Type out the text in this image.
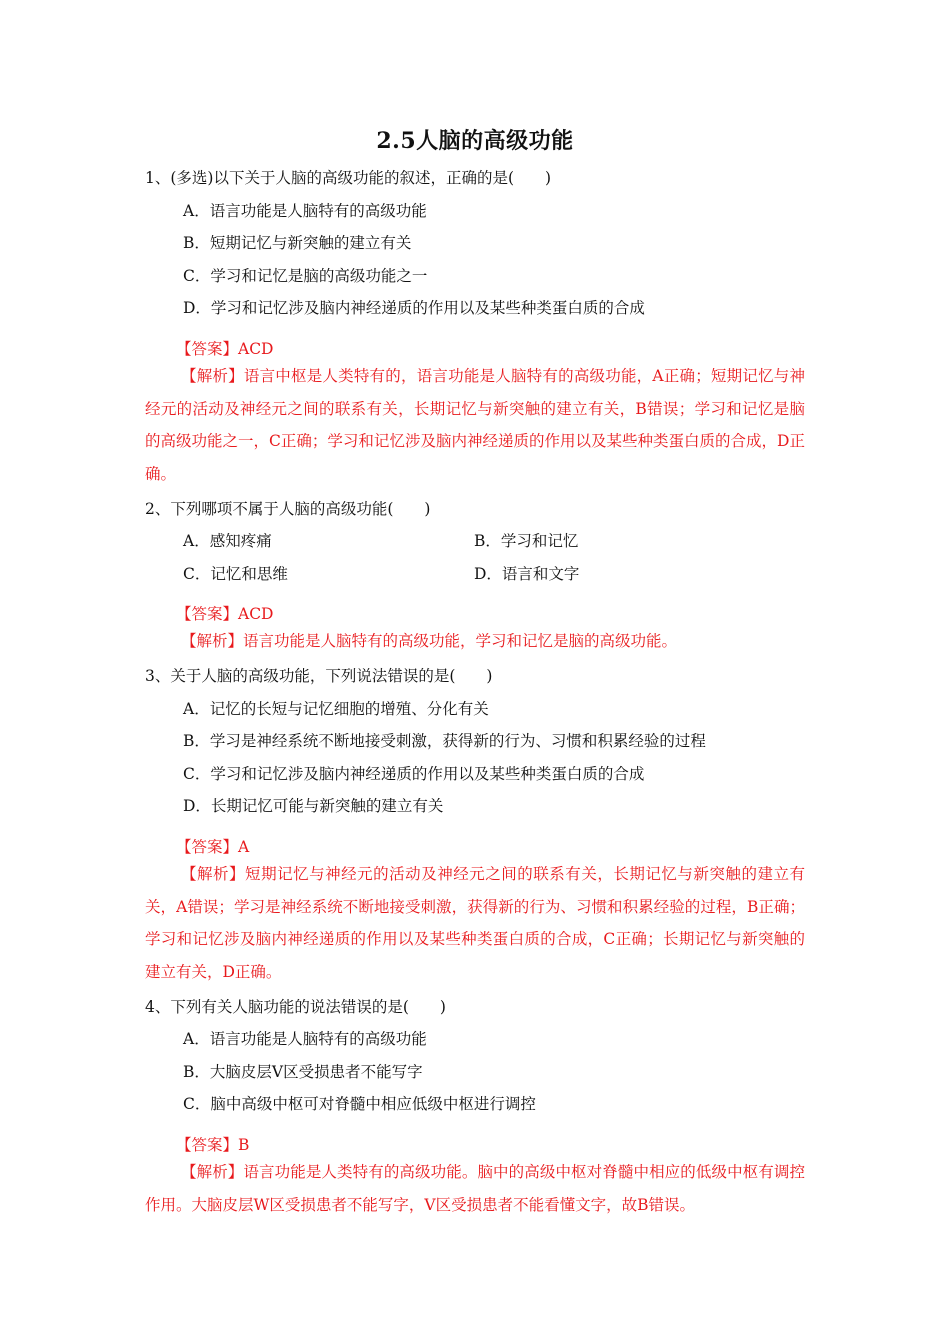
2.5人脑的高级功能
1、(多选)以下关于人脑的高级功能的叙述，正确的是(　　)
A．语言功能是人脑特有的高级功能
B．短期记忆与新突触的建立有关
C．学习和记忆是脑的高级功能之一
D．学习和记忆涉及脑内神经递质的作用以及某些种类蛋白质的合成
【答案】ACD
【解析】语言中枢是人类特有的，语言功能是人脑特有的高级功能，A正确；短期记忆与神经元的活动及神经元之间的联系有关，长期记忆与新突触的建立有关，B错误；学习和记忆是脑的高级功能之一，C正确；学习和记忆涉及脑内神经递质的作用以及某些种类蛋白质的合成，D正确。
2、下列哪项不属于人脑的高级功能(　　)
A．感知疼痛	B．学习和记忆
C．记忆和思维	D．语言和文字
【答案】ACD
【解析】语言功能是人脑特有的高级功能，学习和记忆是脑的高级功能。
3、关于人脑的高级功能，下列说法错误的是(　　)
A．记忆的长短与记忆细胞的增殖、分化有关
B．学习是神经系统不断地接受刺激，获得新的行为、习惯和积累经验的过程
C．学习和记忆涉及脑内神经递质的作用以及某些种类蛋白质的合成
D．长期记忆可能与新突触的建立有关
【答案】A
【解析】短期记忆与神经元的活动及神经元之间的联系有关，长期记忆与新突触的建立有关，A错误；学习是神经系统不断地接受刺激，获得新的行为、习惯和积累经验的过程，B正确；学习和记忆涉及脑内神经递质的作用以及某些种类蛋白质的合成，C正确；长期记忆与新突触的建立有关，D正确。
4、下列有关人脑功能的说法错误的是(　　)
A．语言功能是人脑特有的高级功能
B．大脑皮层V区受损患者不能写字
C．脑中高级中枢可对脊髓中相应低级中枢进行调控
【答案】B
【解析】语言功能是人类特有的高级功能。脑中的高级中枢对脊髓中相应的低级中枢有调控作用。大脑皮层W区受损患者不能写字，V区受损患者不能看懂文字，故B错误。
